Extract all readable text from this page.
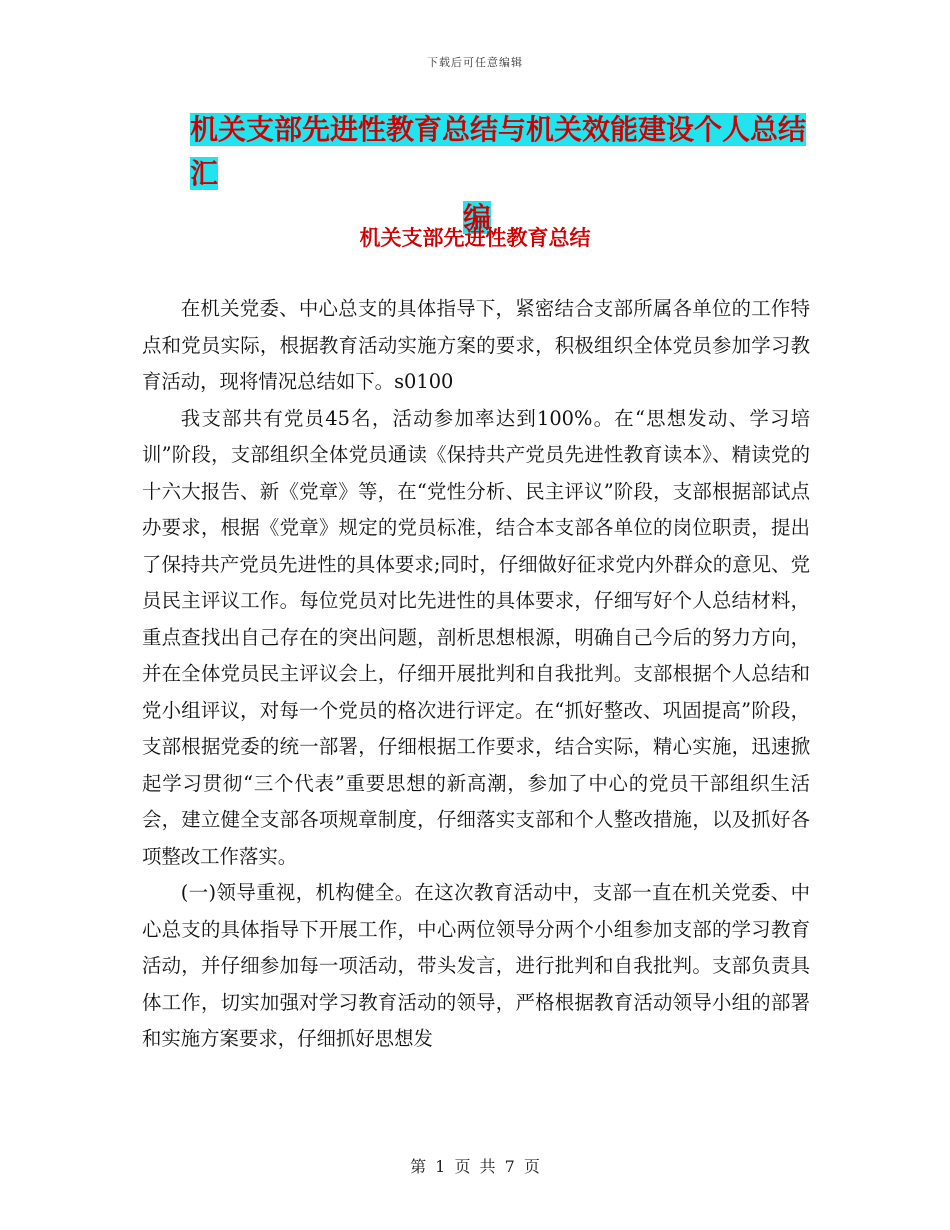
下载后可任意编辑
机关支部先进性教育总结与机关效能建设个人总结汇
编
机关支部先进性教育总结

在机关党委、中心总支的具体指导下，紧密结合支部所属各单位的工作特点和党员实际，根据教育活动实施方案的要求，积极组织全体党员参加学习教育活动，现将情况总结如下。s0100

我支部共有党员45名，活动参加率达到100%。在“思想发动、学习培训”阶段，支部组织全体党员通读《保持共产党员先进性教育读本》、精读党的十六大报告、新《党章》等，在“党性分析、民主评议”阶段，支部根据部试点办要求，根据《党章》规定的党员标准，结合本支部各单位的岗位职责，提出了保持共产党员先进性的具体要求;同时，仔细做好征求党内外群众的意见、党员民主评议工作。每位党员对比先进性的具体要求，仔细写好个人总结材料，重点查找出自己存在的突出问题，剖析思想根源，明确自己今后的努力方向，并在全体党员民主评议会上，仔细开展批判和自我批判。支部根据个人总结和党小组评议，对每一个党员的格次进行评定。在“抓好整改、巩固提高”阶段，支部根据党委的统一部署，仔细根据工作要求，结合实际，精心实施，迅速掀起学习贯彻“三个代表”重要思想的新高潮，参加了中心的党员干部组织生活会，建立健全支部各项规章制度，仔细落实支部和个人整改措施，以及抓好各项整改工作落实。

(一)领导重视，机构健全。在这次教育活动中，支部一直在机关党委、中心总支的具体指导下开展工作，中心两位领导分两个小组参加支部的学习教育活动，并仔细参加每一项活动，带头发言，进行批判和自我批判。支部负责具体工作，切实加强对学习教育活动的领导，严格根据教育活动领导小组的部署和实施方案要求，仔细抓好思想发

第 1 页 共 7 页
